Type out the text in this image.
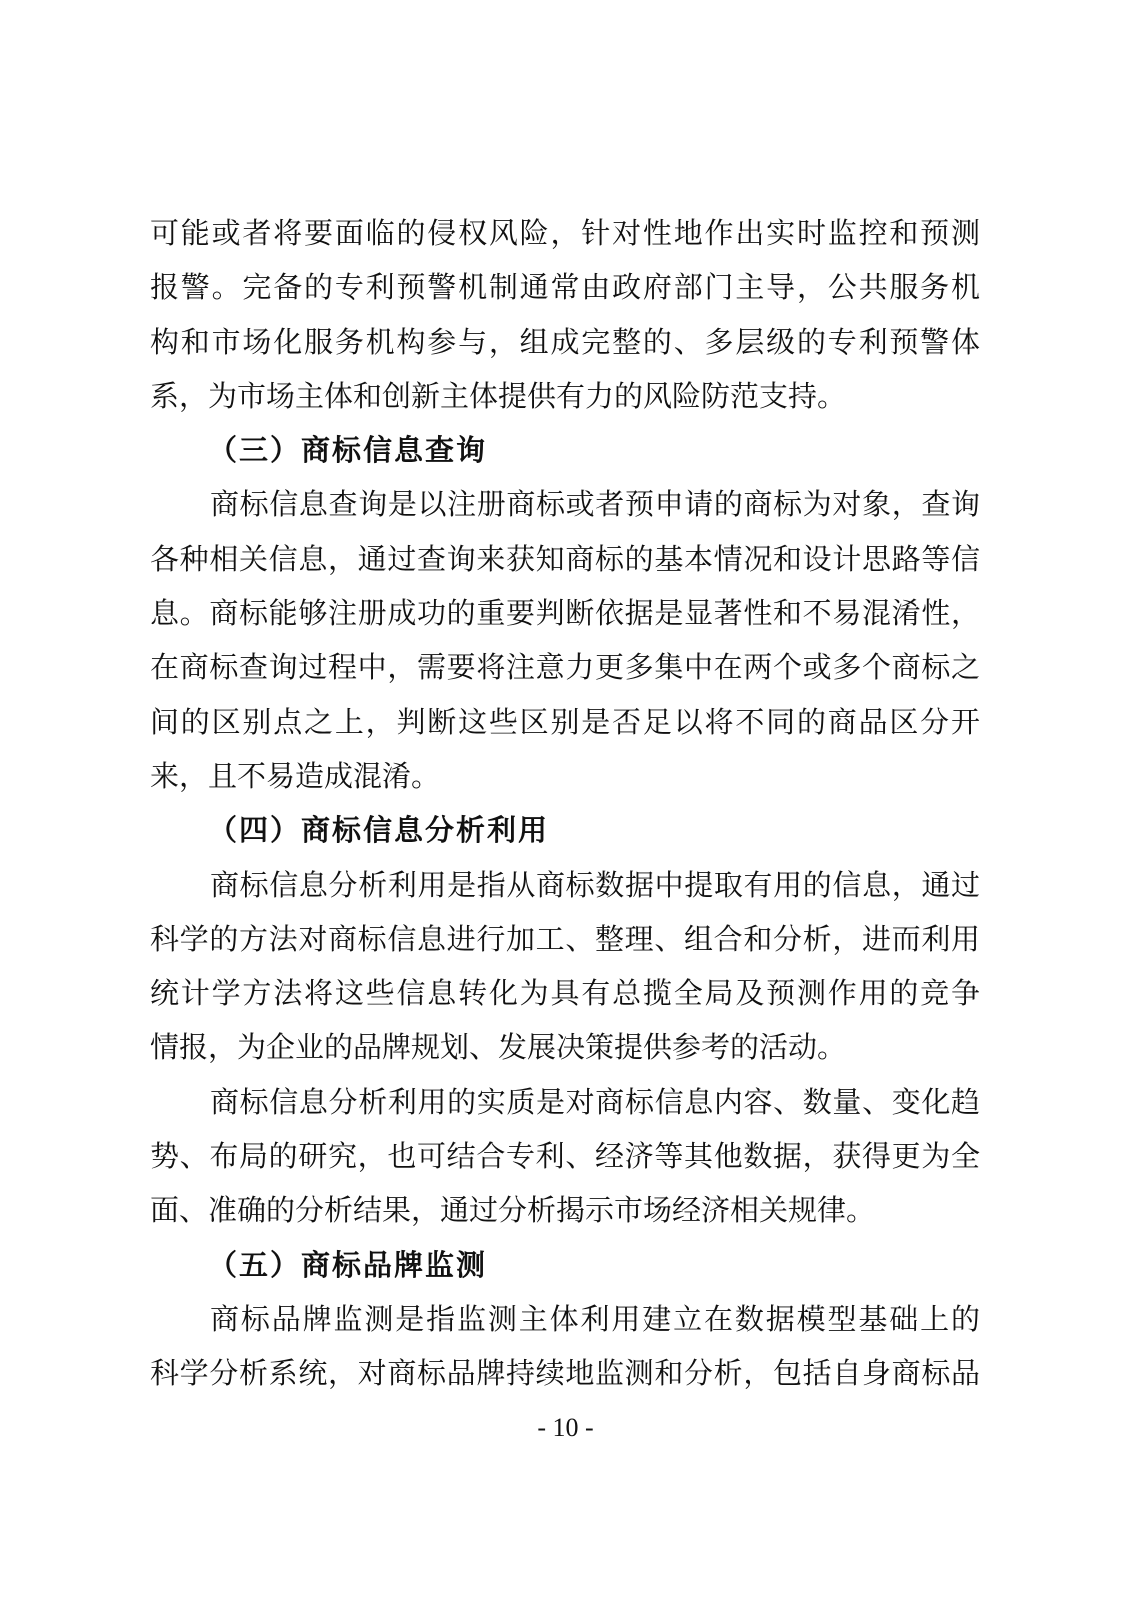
可能或者将要面临的侵权风险，针对性地作出实时监控和预测
报警。完备的专利预警机制通常由政府部门主导，公共服务机
构和市场化服务机构参与，组成完整的、多层级的专利预警体
系，为市场主体和创新主体提供有力的风险防范支持。
（三）商标信息查询
商标信息查询是以注册商标或者预申请的商标为对象，查询
各种相关信息，通过查询来获知商标的基本情况和设计思路等信
息。商标能够注册成功的重要判断依据是显著性和不易混淆性，
在商标查询过程中，需要将注意力更多集中在两个或多个商标之
间的区别点之上，判断这些区别是否足以将不同的商品区分开
来，且不易造成混淆。
（四）商标信息分析利用
商标信息分析利用是指从商标数据中提取有用的信息，通过
科学的方法对商标信息进行加工、整理、组合和分析，进而利用
统计学方法将这些信息转化为具有总揽全局及预测作用的竞争
情报，为企业的品牌规划、发展决策提供参考的活动。
商标信息分析利用的实质是对商标信息内容、数量、变化趋
势、布局的研究，也可结合专利、经济等其他数据，获得更为全
面、准确的分析结果，通过分析揭示市场经济相关规律。
（五）商标品牌监测
商标品牌监测是指监测主体利用建立在数据模型基础上的
科学分析系统，对商标品牌持续地监测和分析，包括自身商标品
- 10 -
